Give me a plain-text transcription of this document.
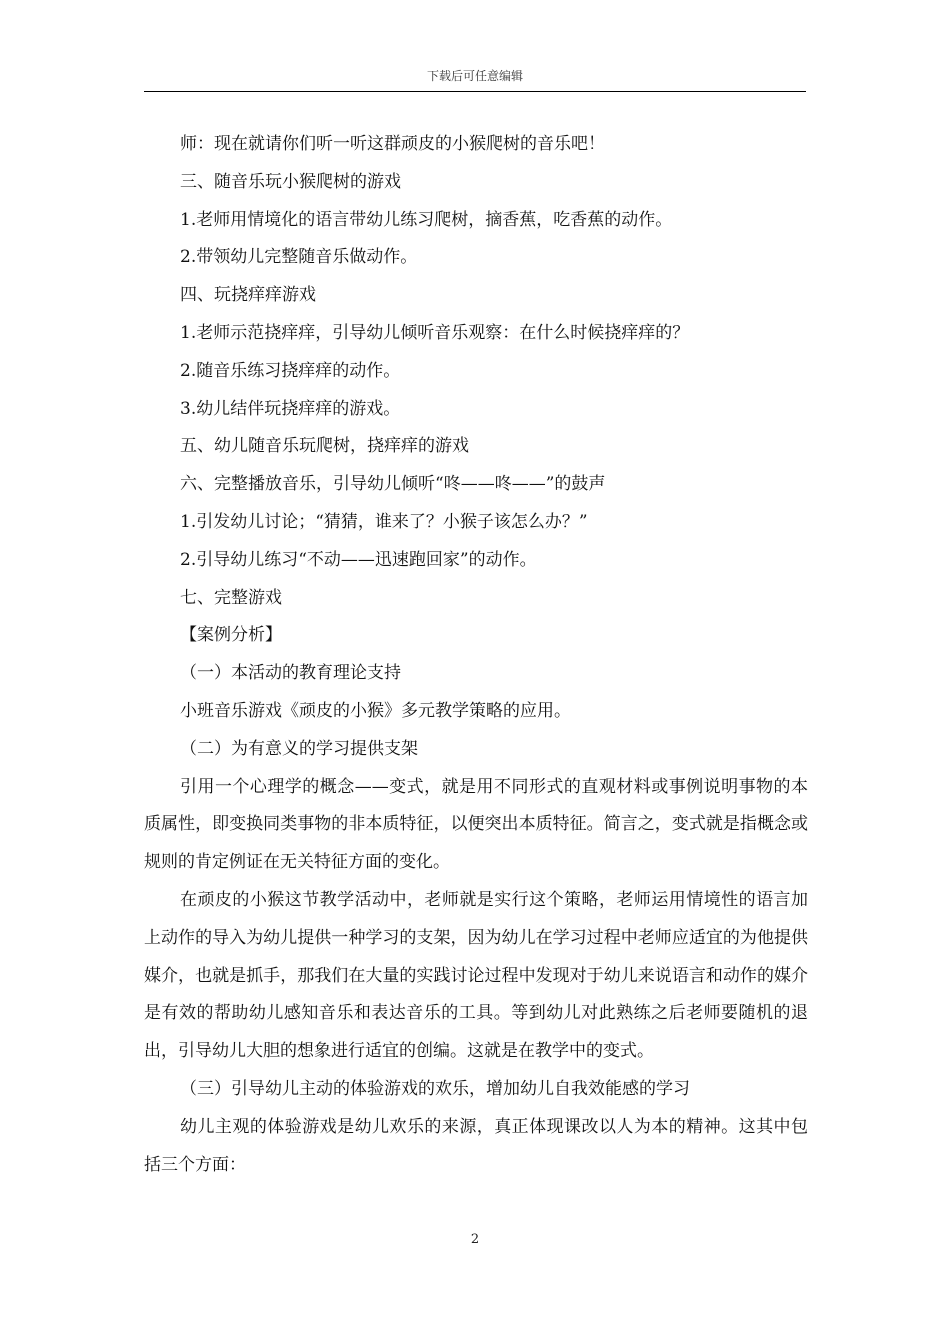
下载后可任意编辑
师：现在就请你们听一听这群顽皮的小猴爬树的音乐吧！
三、随音乐玩小猴爬树的游戏
1.老师用情境化的语言带幼儿练习爬树，摘香蕉，吃香蕉的动作。
2.带领幼儿完整随音乐做动作。
四、玩挠痒痒游戏
1.老师示范挠痒痒，引导幼儿倾听音乐观察：在什么时候挠痒痒的？
2.随音乐练习挠痒痒的动作。
3.幼儿结伴玩挠痒痒的游戏。
五、幼儿随音乐玩爬树，挠痒痒的游戏
六、完整播放音乐，引导幼儿倾听“咚——咚——”的鼓声
1.引发幼儿讨论；“猜猜，谁来了？小猴子该怎么办？”
2.引导幼儿练习“不动——迅速跑回家”的动作。
七、完整游戏
【案例分析】
（一）本活动的教育理论支持
小班音乐游戏《顽皮的小猴》多元教学策略的应用。
（二）为有意义的学习提供支架
引用一个心理学的概念——变式，就是用不同形式的直观材料或事例说明事物的本质属性，即变换同类事物的非本质特征，以便突出本质特征。简言之，变式就是指概念或规则的肯定例证在无关特征方面的变化。
在顽皮的小猴这节教学活动中，老师就是实行这个策略，老师运用情境性的语言加上动作的导入为幼儿提供一种学习的支架，因为幼儿在学习过程中老师应适宜的为他提供媒介，也就是抓手，那我们在大量的实践讨论过程中发现对于幼儿来说语言和动作的媒介是有效的帮助幼儿感知音乐和表达音乐的工具。等到幼儿对此熟练之后老师要随机的退出，引导幼儿大胆的想象进行适宜的创编。这就是在教学中的变式。
（三）引导幼儿主动的体验游戏的欢乐，增加幼儿自我效能感的学习
幼儿主观的体验游戏是幼儿欢乐的来源，真正体现课改以人为本的精神。这其中包括三个方面：
2
